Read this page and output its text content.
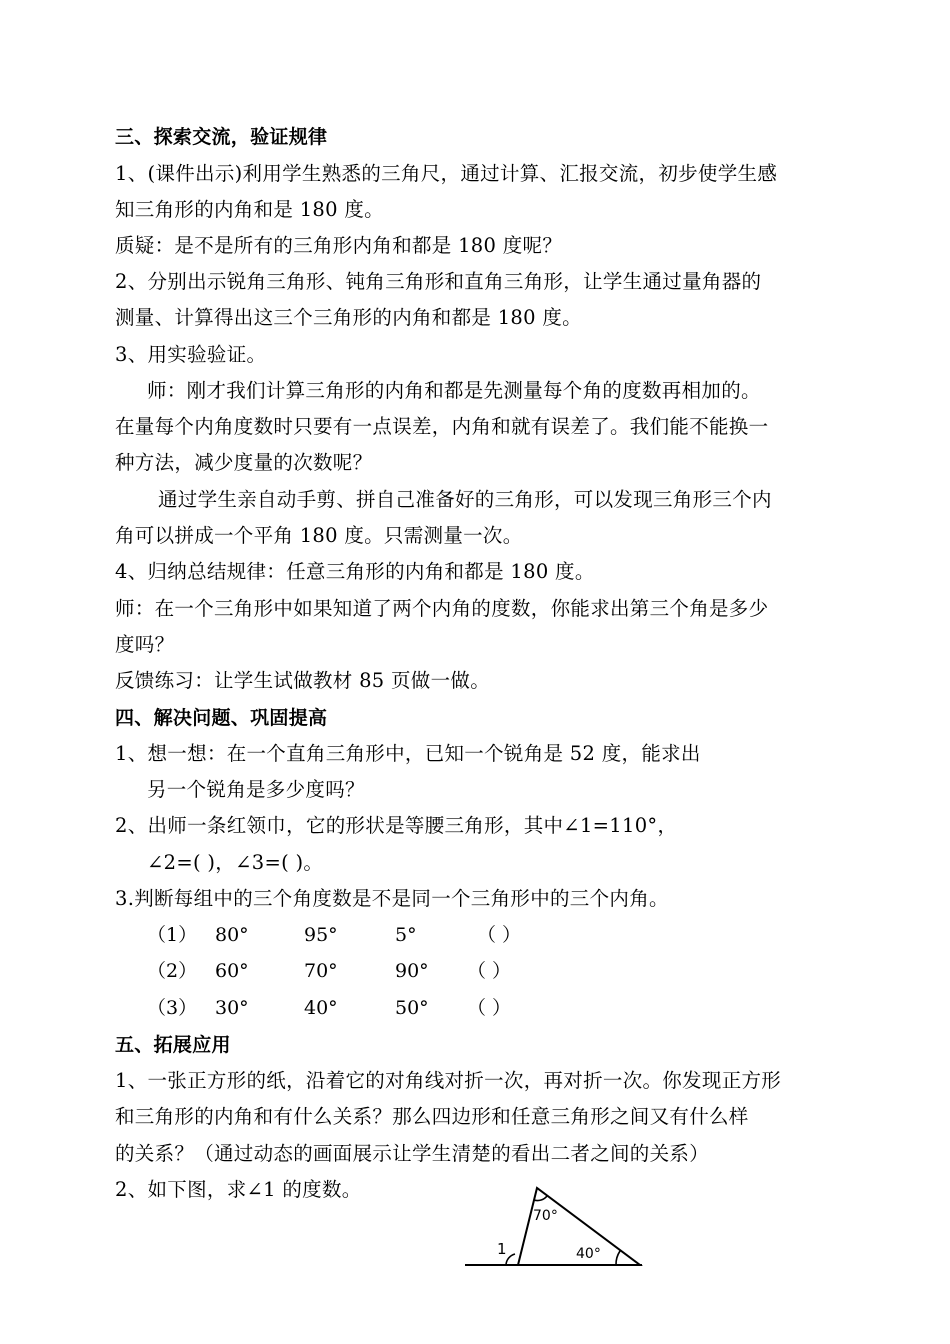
三、探索交流，验证规律
1、(课件出示)利用学生熟悉的三角尺，通过计算、汇报交流，初步使学生感
知三角形的内角和是 180 度。
质疑：是不是所有的三角形内角和都是 180 度呢？
2、分别出示锐角三角形、钝角三角形和直角三角形，让学生通过量角器的
测量、计算得出这三个三角形的内角和都是 180 度。
3、用实验验证。
师：刚才我们计算三角形的内角和都是先测量每个角的度数再相加的。
在量每个内角度数时只要有一点误差，内角和就有误差了。我们能不能换一
种方法，减少度量的次数呢？
通过学生亲自动手剪、拼自己准备好的三角形，可以发现三角形三个内
角可以拼成一个平角 180 度。只需测量一次。
4、归纳总结规律：任意三角形的内角和都是 180 度。
师：在一个三角形中如果知道了两个内角的度数，你能求出第三个角是多少
度吗？
反馈练习：让学生试做教材 85 页做一做。
四、解决问题、巩固提高
1、想一想：在一个直角三角形中，已知一个锐角是 52 度，能求出
另一个锐角是多少度吗？
2、出师一条红领巾，它的形状是等腰三角形，其中∠1=110°，
∠2=( )，∠3=( )。
3.判断每组中的三个角度数是不是同一个三角形中的三个内角。
（1） 80°	95°	5°	（ ）
（2） 60°	70°	90° （ ）
（3） 30°	40°	50° （ ）
五、拓展应用
1、一张正方形的纸，沿着它的对角线对折一次，再对折一次。你发现正方形
和三角形的内角和有什么关系？那么四边形和任意三角形之间又有什么样
的关系？（通过动态的画面展示让学生清楚的看出二者之间的关系）
2、如下图，求∠1 的度数。
70°
40°
1
